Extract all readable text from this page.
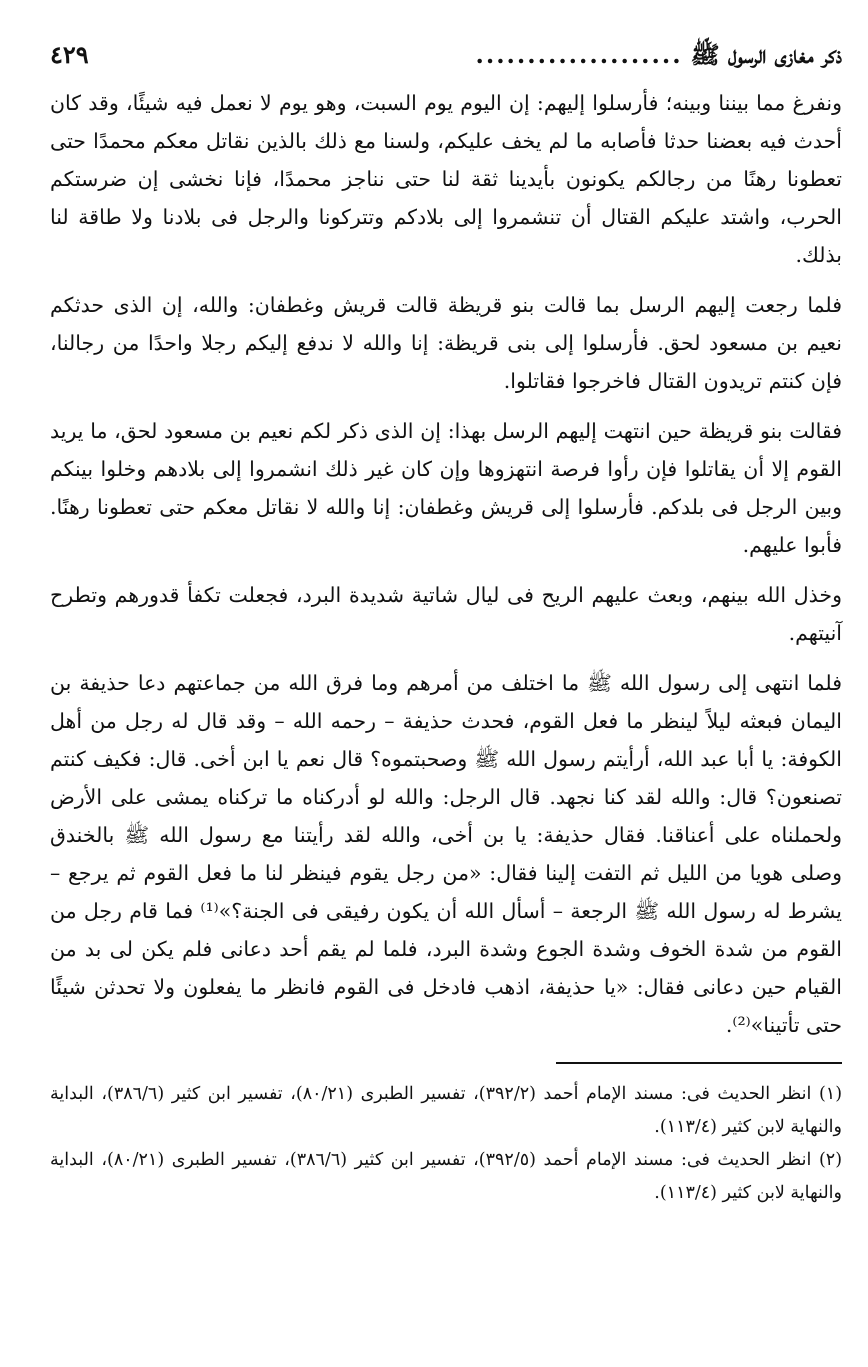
ذكر مغازى الرسول ﷺ
....................
٤٢٩

ونفرغ مما بيننا وبينه؛ فأرسلوا إليهم: إن اليوم يوم السبت، وهو يوم لا نعمل فيه شيئًا، وقد كان أحدث فيه بعضنا حدثا فأصابه ما لم يخف عليكم، ولسنا مع ذلك بالذين نقاتل معكم محمدًا حتى تعطونا رهنًا من رجالكم يكونون بأيدينا ثقة لنا حتى نناجز محمدًا، فإنا نخشى إن ضرستكم الحرب، واشتد عليكم القتال أن تنشمروا إلى بلادكم وتتركونا والرجل فى بلادنا ولا طاقة لنا بذلك.

فلما رجعت إليهم الرسل بما قالت بنو قريظة قالت قريش وغطفان: والله، إن الذى حدثكم نعيم بن مسعود لحق. فأرسلوا إلى بنى قريظة: إنا والله لا ندفع إليكم رجلا واحدًا من رجالنا، فإن كنتم تريدون القتال فاخرجوا فقاتلوا.

فقالت بنو قريظة حين انتهت إليهم الرسل بهذا: إن الذى ذكر لكم نعيم بن مسعود لحق، ما يريد القوم إلا أن يقاتلوا فإن رأوا فرصة انتهزوها وإن كان غير ذلك انشمروا إلى بلادهم وخلوا بينكم وبين الرجل فى بلدكم. فأرسلوا إلى قريش وغطفان: إنا والله لا نقاتل معكم حتى تعطونا رهنًا. فأبوا عليهم.

وخذل الله بينهم، وبعث عليهم الريح فى ليال شاتية شديدة البرد، فجعلت تكفأ قدورهم وتطرح آنيتهم.

فلما انتهى إلى رسول الله ﷺ ما اختلف من أمرهم وما فرق الله من جماعتهم دعا حذيفة بن اليمان فبعثه ليلاً لينظر ما فعل القوم، فحدث حذيفة – رحمه الله – وقد قال له رجل من أهل الكوفة: يا أبا عبد الله، أرأيتم رسول الله ﷺ وصحبتموه؟ قال نعم يا ابن أخى. قال: فكيف كنتم تصنعون؟ قال: والله لقد كنا نجهد. قال الرجل: والله لو أدركناه ما تركناه يمشى على الأرض ولحملناه على أعناقنا. فقال حذيفة: يا بن أخى، والله لقد رأيتنا مع رسول الله ﷺ بالخندق وصلى هويا من الليل ثم التفت إلينا فقال: «من رجل يقوم فينظر لنا ما فعل القوم ثم يرجع – يشرط له رسول الله ﷺ الرجعة – أسأل الله أن يكون رفيقى فى الجنة؟»⁽¹⁾ فما قام رجل من القوم من شدة الخوف وشدة الجوع وشدة البرد، فلما لم يقم أحد دعانى فلم يكن لى بد من القيام حين دعانى فقال: «يا حذيفة، اذهب فادخل فى القوم فانظر ما يفعلون ولا تحدثن شيئًا حتى تأتينا»⁽²⁾.

(١) انظر الحديث فى: مسند الإمام أحمد (٣٩٢/٢)، تفسير الطبرى (٨٠/٢١)، تفسير ابن كثير (٣٨٦/٦)، البداية والنهاية لابن كثير (١١٣/٤).

(٢) انظر الحديث فى: مسند الإمام أحمد (٣٩٢/٥)، تفسير ابن كثير (٣٨٦/٦)، تفسير الطبرى (٨٠/٢١)، البداية والنهاية لابن كثير (١١٣/٤).
